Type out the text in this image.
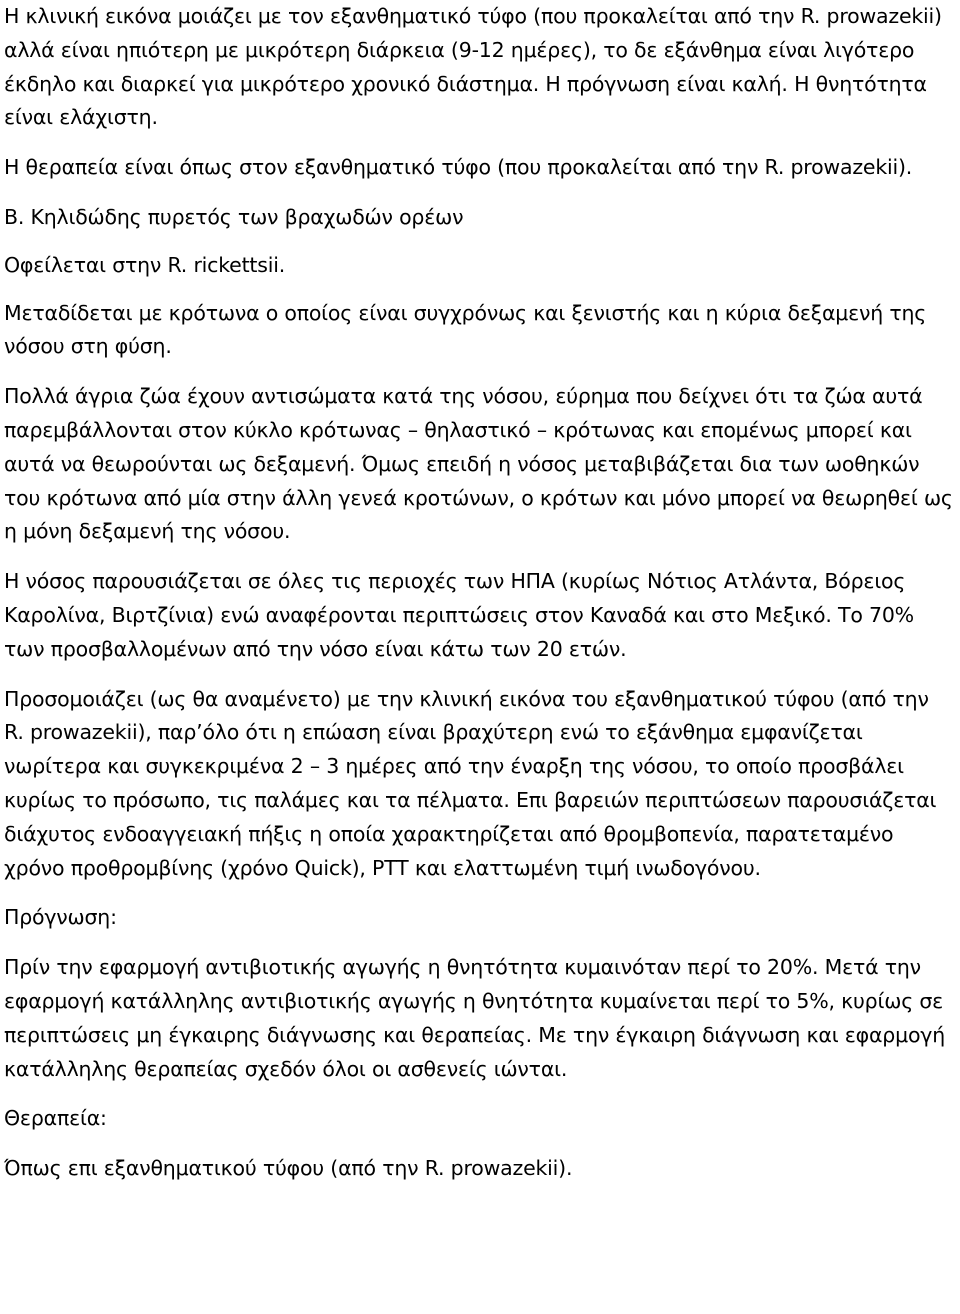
Η κλινική εικόνα μοιάζει με τον εξανθηματικό τύφο (που προκαλείται από την R. prowazekii) αλλά είναι ηπιότερη με μικρότερη διάρκεια (9-12 ημέρες), το δε εξάνθημα είναι λιγότερο έκδηλο και διαρκεί για μικρότερο χρονικό διάστημα. Η πρόγνωση είναι καλή. Η θνητότητα είναι ελάχιστη.

Η θεραπεία είναι όπως στον εξανθηματικό τύφο (που προκαλείται από την R. prowazekii).

Β. Κηλιδώδης πυρετός των βραχωδών ορέων

Οφείλεται στην R. rickettsii.

Μεταδίδεται με κρότωνα ο οποίος είναι συγχρόνως και ξενιστής και η κύρια δεξαμενή της νόσου στη φύση.

Πολλά άγρια ζώα έχουν αντισώματα κατά της νόσου, εύρημα που δείχνει ότι τα ζώα αυτά παρεμβάλλονται στον κύκλο κρότωνας – θηλαστικό – κρότωνας και επομένως μπορεί και αυτά να θεωρούνται ως δεξαμενή. Όμως επειδή η νόσος μεταβιβάζεται δια των ωοθηκών του κρότωνα από μία στην άλλη γενεά κροτώνων, ο κρότων και μόνο μπορεί να θεωρηθεί ως η μόνη δεξαμενή της νόσου.

Η νόσος παρουσιάζεται σε όλες τις περιοχές των ΗΠΑ (κυρίως Νότιος Ατλάντα, Βόρειος Καρολίνα, Βιρτζίνια) ενώ αναφέρονται περιπτώσεις στον Καναδά και στο Μεξικό. Το 70% των προσβαλλομένων από την νόσο είναι κάτω των 20 ετών.

Προσομοιάζει (ως θα αναμένετο) με την κλινική εικόνα του εξανθηματικού τύφου (από την R. prowazekii), παρ’όλο ότι η επώαση είναι βραχύτερη ενώ το εξάνθημα εμφανίζεται νωρίτερα και συγκεκριμένα 2 – 3 ημέρες από την έναρξη της νόσου, το οποίο προσβάλει κυρίως το πρόσωπο, τις παλάμες και τα πέλματα. Επι βαρειών περιπτώσεων παρουσιάζεται διάχυτος ενδοαγγειακή πήξις η οποία χαρακτηρίζεται από θρομβοπενία, παρατεταμένο χρόνο προθρομβίνης (χρόνο Quick), PTT και ελαττωμένη τιμή ινωδογόνου.

Πρόγνωση:

Πρίν την εφαρμογή αντιβιοτικής αγωγής η θνητότητα κυμαινόταν περί το 20%. Μετά την εφαρμογή κατάλληλης αντιβιοτικής αγωγής η θνητότητα κυμαίνεται περί το 5%, κυρίως σε περιπτώσεις μη έγκαιρης διάγνωσης και θεραπείας. Με την έγκαιρη διάγνωση και εφαρμογή κατάλληλης θεραπείας σχεδόν όλοι οι ασθενείς ιώνται.

Θεραπεία:

Όπως επι εξανθηματικού τύφου (από την R. prowazekii).
